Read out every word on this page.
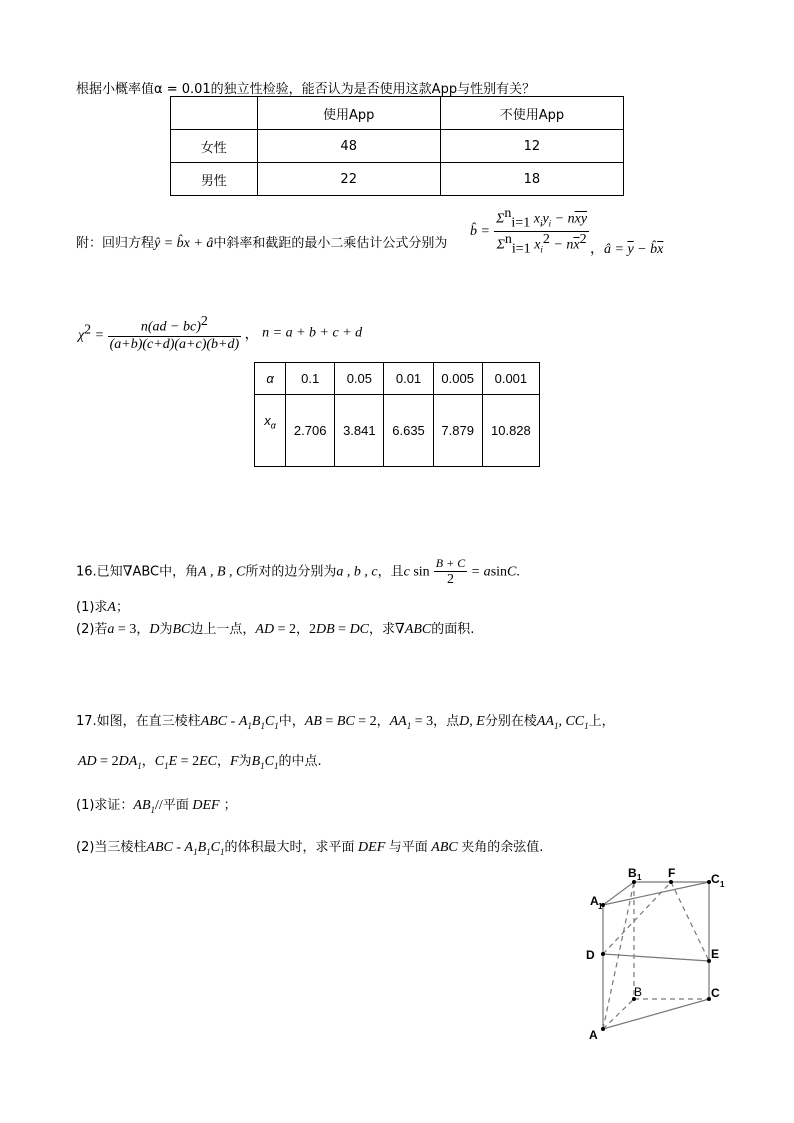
根据小概率值α = 0.01的独立性检验，能否认为是否使用这款App与性别有关？
	使用App	不使用App
女性	48	12
男性	22	18
附：回归方程ŷ = b̂x + â中斜率和截距的最小二乘估计公式分别为
b̂ = $\frac{\Sigma^n_{i=1} x_iy_i - n\overline{x}\overline{y}}{\Sigma^n_{i=1} x_i^2 - n\overline{x}^2}$ ，â = $\overline{y}$ − $b̂\overline{x}$
$\chi^2 = \frac{n(ad - bc)^2}{(a+b)(c+d)(a+c)(b+d)}$ ， n = a + b + c + d
α	0.1	0.05	0.01	0.005	0.001
$x_\alpha$	2.706	3.841	6.635	7.879	10.828
16.已知∇ABC中，角A , B , C所对的边分别为a , b , c，且c $\sin \frac{B + C}{2} = asinC$.
(1)求A；
(2)若a = 3，D为BC边上一点，AD = 2，2DB = DC，求∇ABC的面积.
17.如图，在直三棱柱ABC - $A_1B_1C_1$中，AB = BC = 2，$AA_1 = 3$，点D, E分别在棱$AA_1$, $CC_1$上，
AD = $2DA_1$，$C_1E = 2EC$，F为$B_1C_1$的中点.
(1)求证：$AB_1//$平面 DEF ；
(2)当三棱柱ABC - $A_1B_1C_1$的体积最大时，求平面 DEF 与平面 ABC 夹角的余弦值.
B 1 F	C 1
A 1
D	E
B	C
A
